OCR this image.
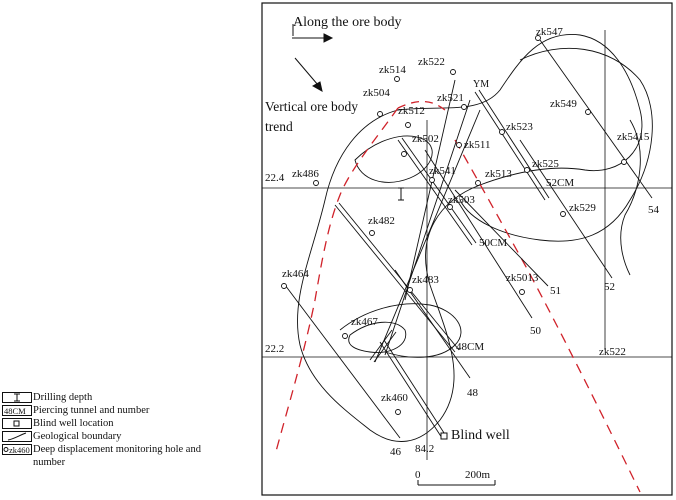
Along the ore body
Vertical ore body
trend
Blind well
22.4
22.2
84.2
52CM
50CM
48CM
54
52
51
50
48
46
zk547
zk522
zk514
zk504
zk512
zk521	zk549
zk523
zk5415
zk502 zk511
zk525
zk486	zk541	zk513
zk503
zk529
zk482
zk483	zk5013
zk464
zk467
zk460
zk522
YM
0	200m
Drilling depth
48CM Piercing tunnel and number
Blind well location
Geological boundary
zk460 Deep displacement monitoring hole and
number
